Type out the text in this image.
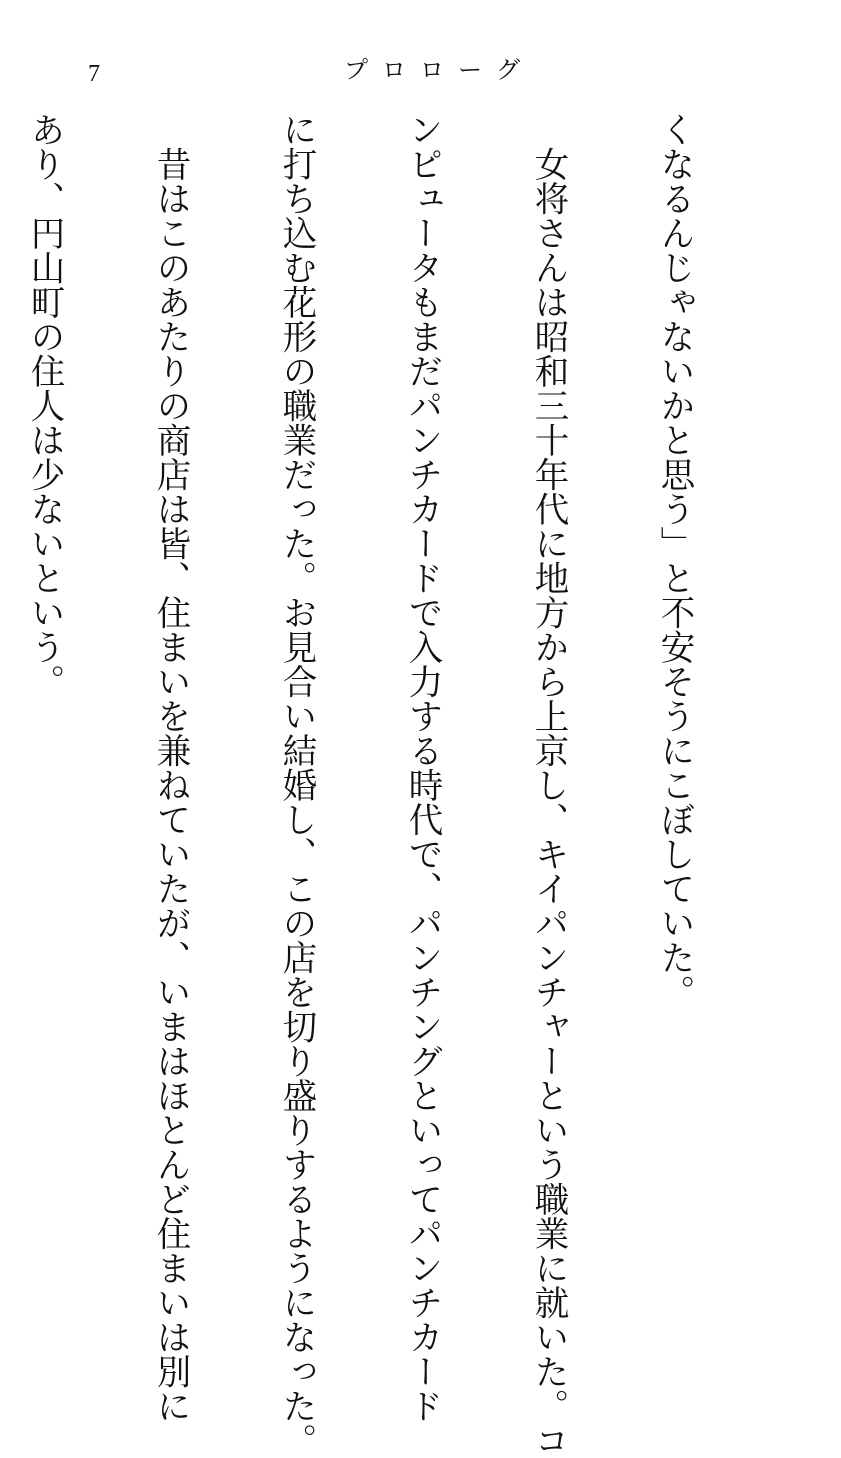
7	プロローグ

くなるんじゃないかと思う」と不安そうにこぼしていた。

　女将さんは昭和三十年代に地方から上京し、キイパンチャーという職業に就いた。コ

ンピュータもまだパンチカードで入力する時代で、パンチングといってパンチカード

に打ち込む花形の職業だった。お見合い結婚し、この店を切り盛りするようになった。

　昔はこのあたりの商店は皆、住まいを兼ねていたが、いまはほとんど住まいは別に

あり、円山町の住人は少ないという。
